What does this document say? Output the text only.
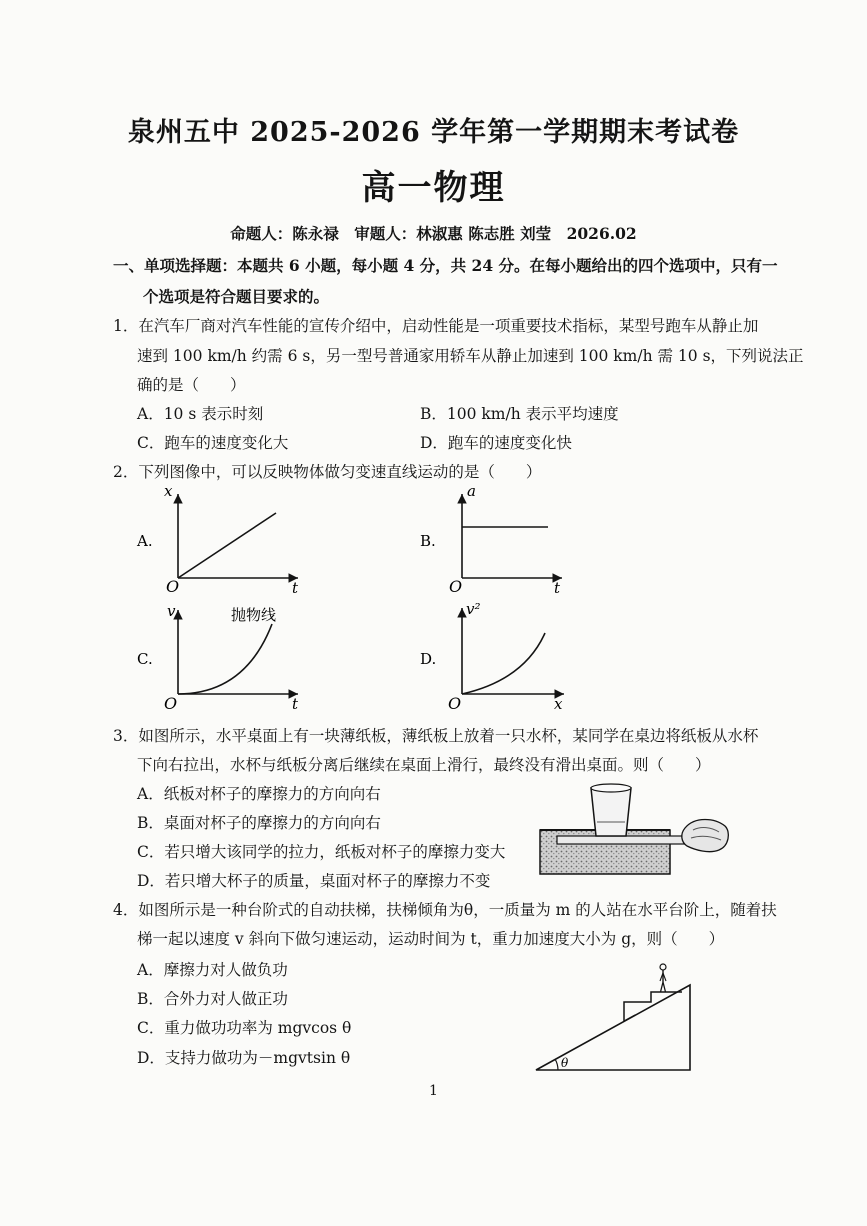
泉州五中 2025-2026 学年第一学期期末考试卷
高一物理
命题人：陈永禄　审题人：林淑惠 陈志胜 刘莹　2026.02
一、单项选择题：本题共 6 小题，每小题 4 分，共 24 分。在每小题给出的四个选项中，只有一
个选项是符合题目要求的。
1．在汽车厂商对汽车性能的宣传介绍中，启动性能是一项重要技术指标，某型号跑车从静止加
速到 100 km/h 约需 6 s，另一型号普通家用轿车从静止加速到 100 km/h 需 10 s，下列说法正
确的是（　　）
A．10 s 表示时刻	B．100 km/h 表示平均速度
C．跑车的速度变化大	D．跑车的速度变化快
2．下列图像中，可以反映物体做匀变速直线运动的是（　　）
A.
x
t
O
B.
a
t
O
C.
v
t
O
抛物线
D.
v²
x
O
3．如图所示，水平桌面上有一块薄纸板，薄纸板上放着一只水杯，某同学在桌边将纸板从水杯
下向右拉出，水杯与纸板分离后继续在桌面上滑行，最终没有滑出桌面。则（　　）
A．纸板对杯子的摩擦力的方向向右
B．桌面对杯子的摩擦力的方向向右
C．若只增大该同学的拉力，纸板对杯子的摩擦力变大
D．若只增大杯子的质量，桌面对杯子的摩擦力不变
4．如图所示是一种台阶式的自动扶梯，扶梯倾角为θ，一质量为 m 的人站在水平台阶上，随着扶
梯一起以速度 v 斜向下做匀速运动，运动时间为 t，重力加速度大小为 g，则（　　）
A．摩擦力对人做负功
B．合外力对人做正功
C．重力做功功率为 mgvcos θ
D．支持力做功为－mgvtsin θ	θ
1
